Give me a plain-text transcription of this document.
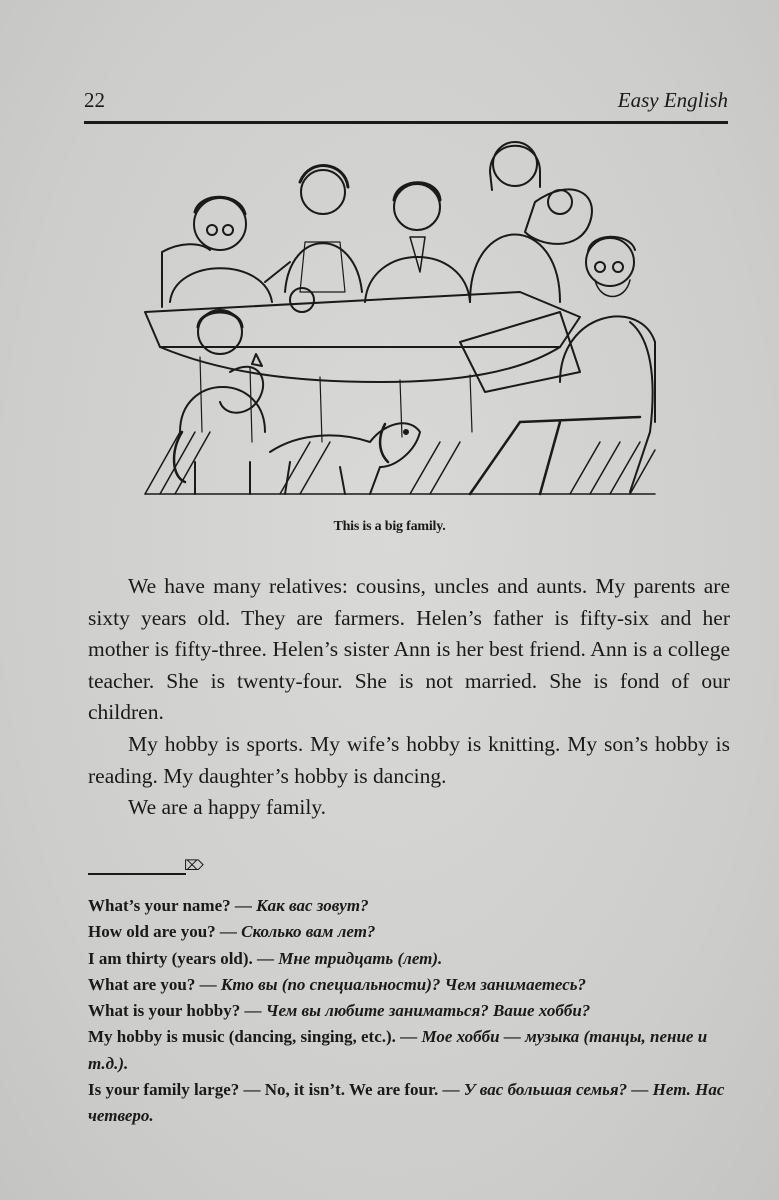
22	Easy English
This is a big family.

We have many relatives: cousins, uncles and aunts. My parents are sixty years old. They are farmers. Helen’s father is fifty-six and her mother is fifty-three. Helen’s sister Ann is her best friend. Ann is a college teacher. She is twenty-four. She is not married. She is fond of our children.

My hobby is sports. My wife’s hobby is knitting. My son’s hobby is reading. My daughter’s hobby is dancing.

We are a happy family.

⌦

What’s your name? — Как вас зовут?

How old are you? — Сколько вам лет?

I am thirty (years old). — Мне тридцать (лет).

What are you? — Кто вы (по специальности)? Чем занимаетесь?

What is your hobby? — Чем вы любите заниматься? Ваше хобби?

My hobby is music (dancing, singing, etc.). — Мое хобби — музыка (танцы, пение и т.д.).

Is your family large? — No, it isn’t. We are four. — У вас большая семья? — Нет. Нас четверо.
